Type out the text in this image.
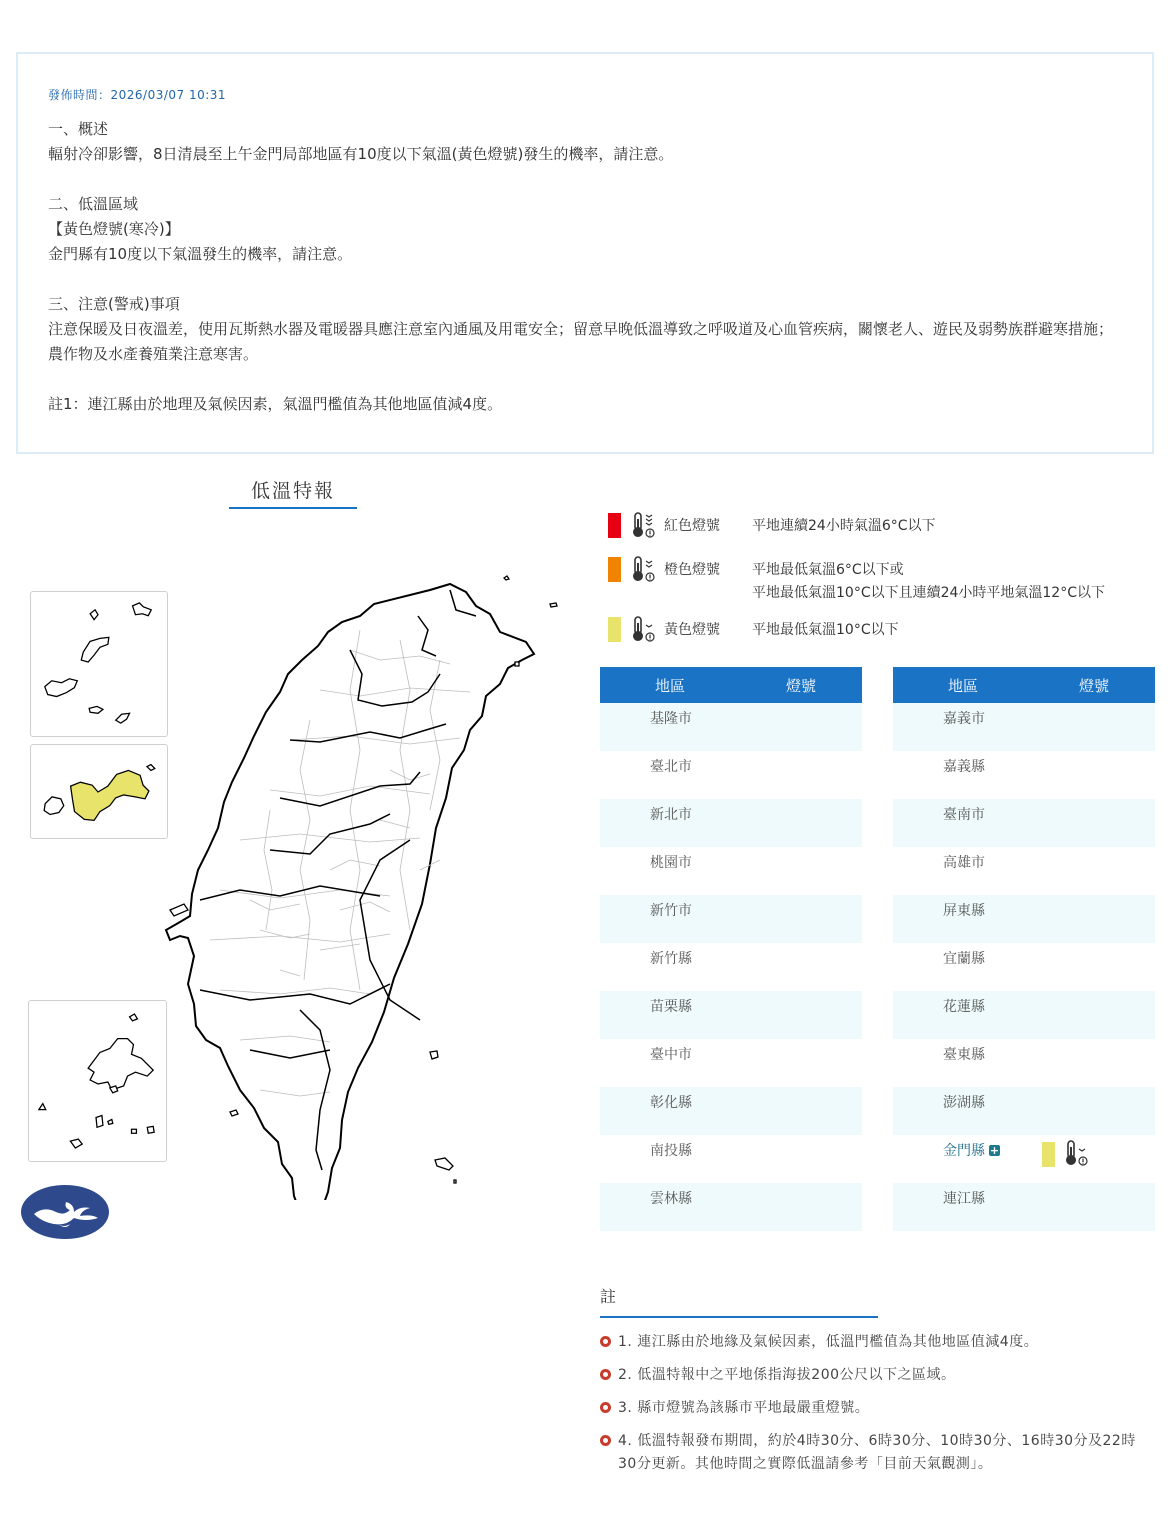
發佈時間：2026/03/07 10:31

一、概述

輻射冷卻影響，8日清晨至上午金門局部地區有10度以下氣溫(黃色燈號)發生的機率，請注意。

二、低溫區域

【黃色燈號(寒冷)】

金門縣有10度以下氣溫發生的機率，請注意。

三、注意(警戒)事項

注意保暖及日夜溫差，使用瓦斯熱水器及電暖器具應注意室內通風及用電安全；留意早晚低溫導致之呼吸道及心血管疾病，關懷老人、遊民及弱勢族群避寒措施；農作物及水產養殖業注意寒害。

註1：連江縣由於地理及氣候因素，氣溫門檻值為其他地區值減4度。

低溫特報
紅色燈號 平地連續24小時氣溫6°C以下
橙色燈號 平地最低氣溫6°C以下或
平地最低氣溫10°C以下且連續24小時平地氣溫12°C以下
黃色燈號 平地最低氣溫10°C以下
地區	燈號
基隆市
臺北市
新北市
桃園市
新竹市
新竹縣
苗栗縣
臺中市
彰化縣
南投縣
雲林縣
地區	燈號
嘉義市
嘉義縣
臺南市
高雄市
屏東縣
宜蘭縣
花蓮縣
臺東縣
澎湖縣
金門縣 +
連江縣
註
1. 連江縣由於地緣及氣候因素，低溫門檻值為其他地區值減4度。
2. 低溫特報中之平地係指海拔200公尺以下之區域。
3. 縣市燈號為該縣市平地最嚴重燈號。
4. 低溫特報發布期間，約於4時30分、6時30分、10時30分、16時30分及22時30分更新。其他時間之實際低溫請參考「目前天氣觀測」。
